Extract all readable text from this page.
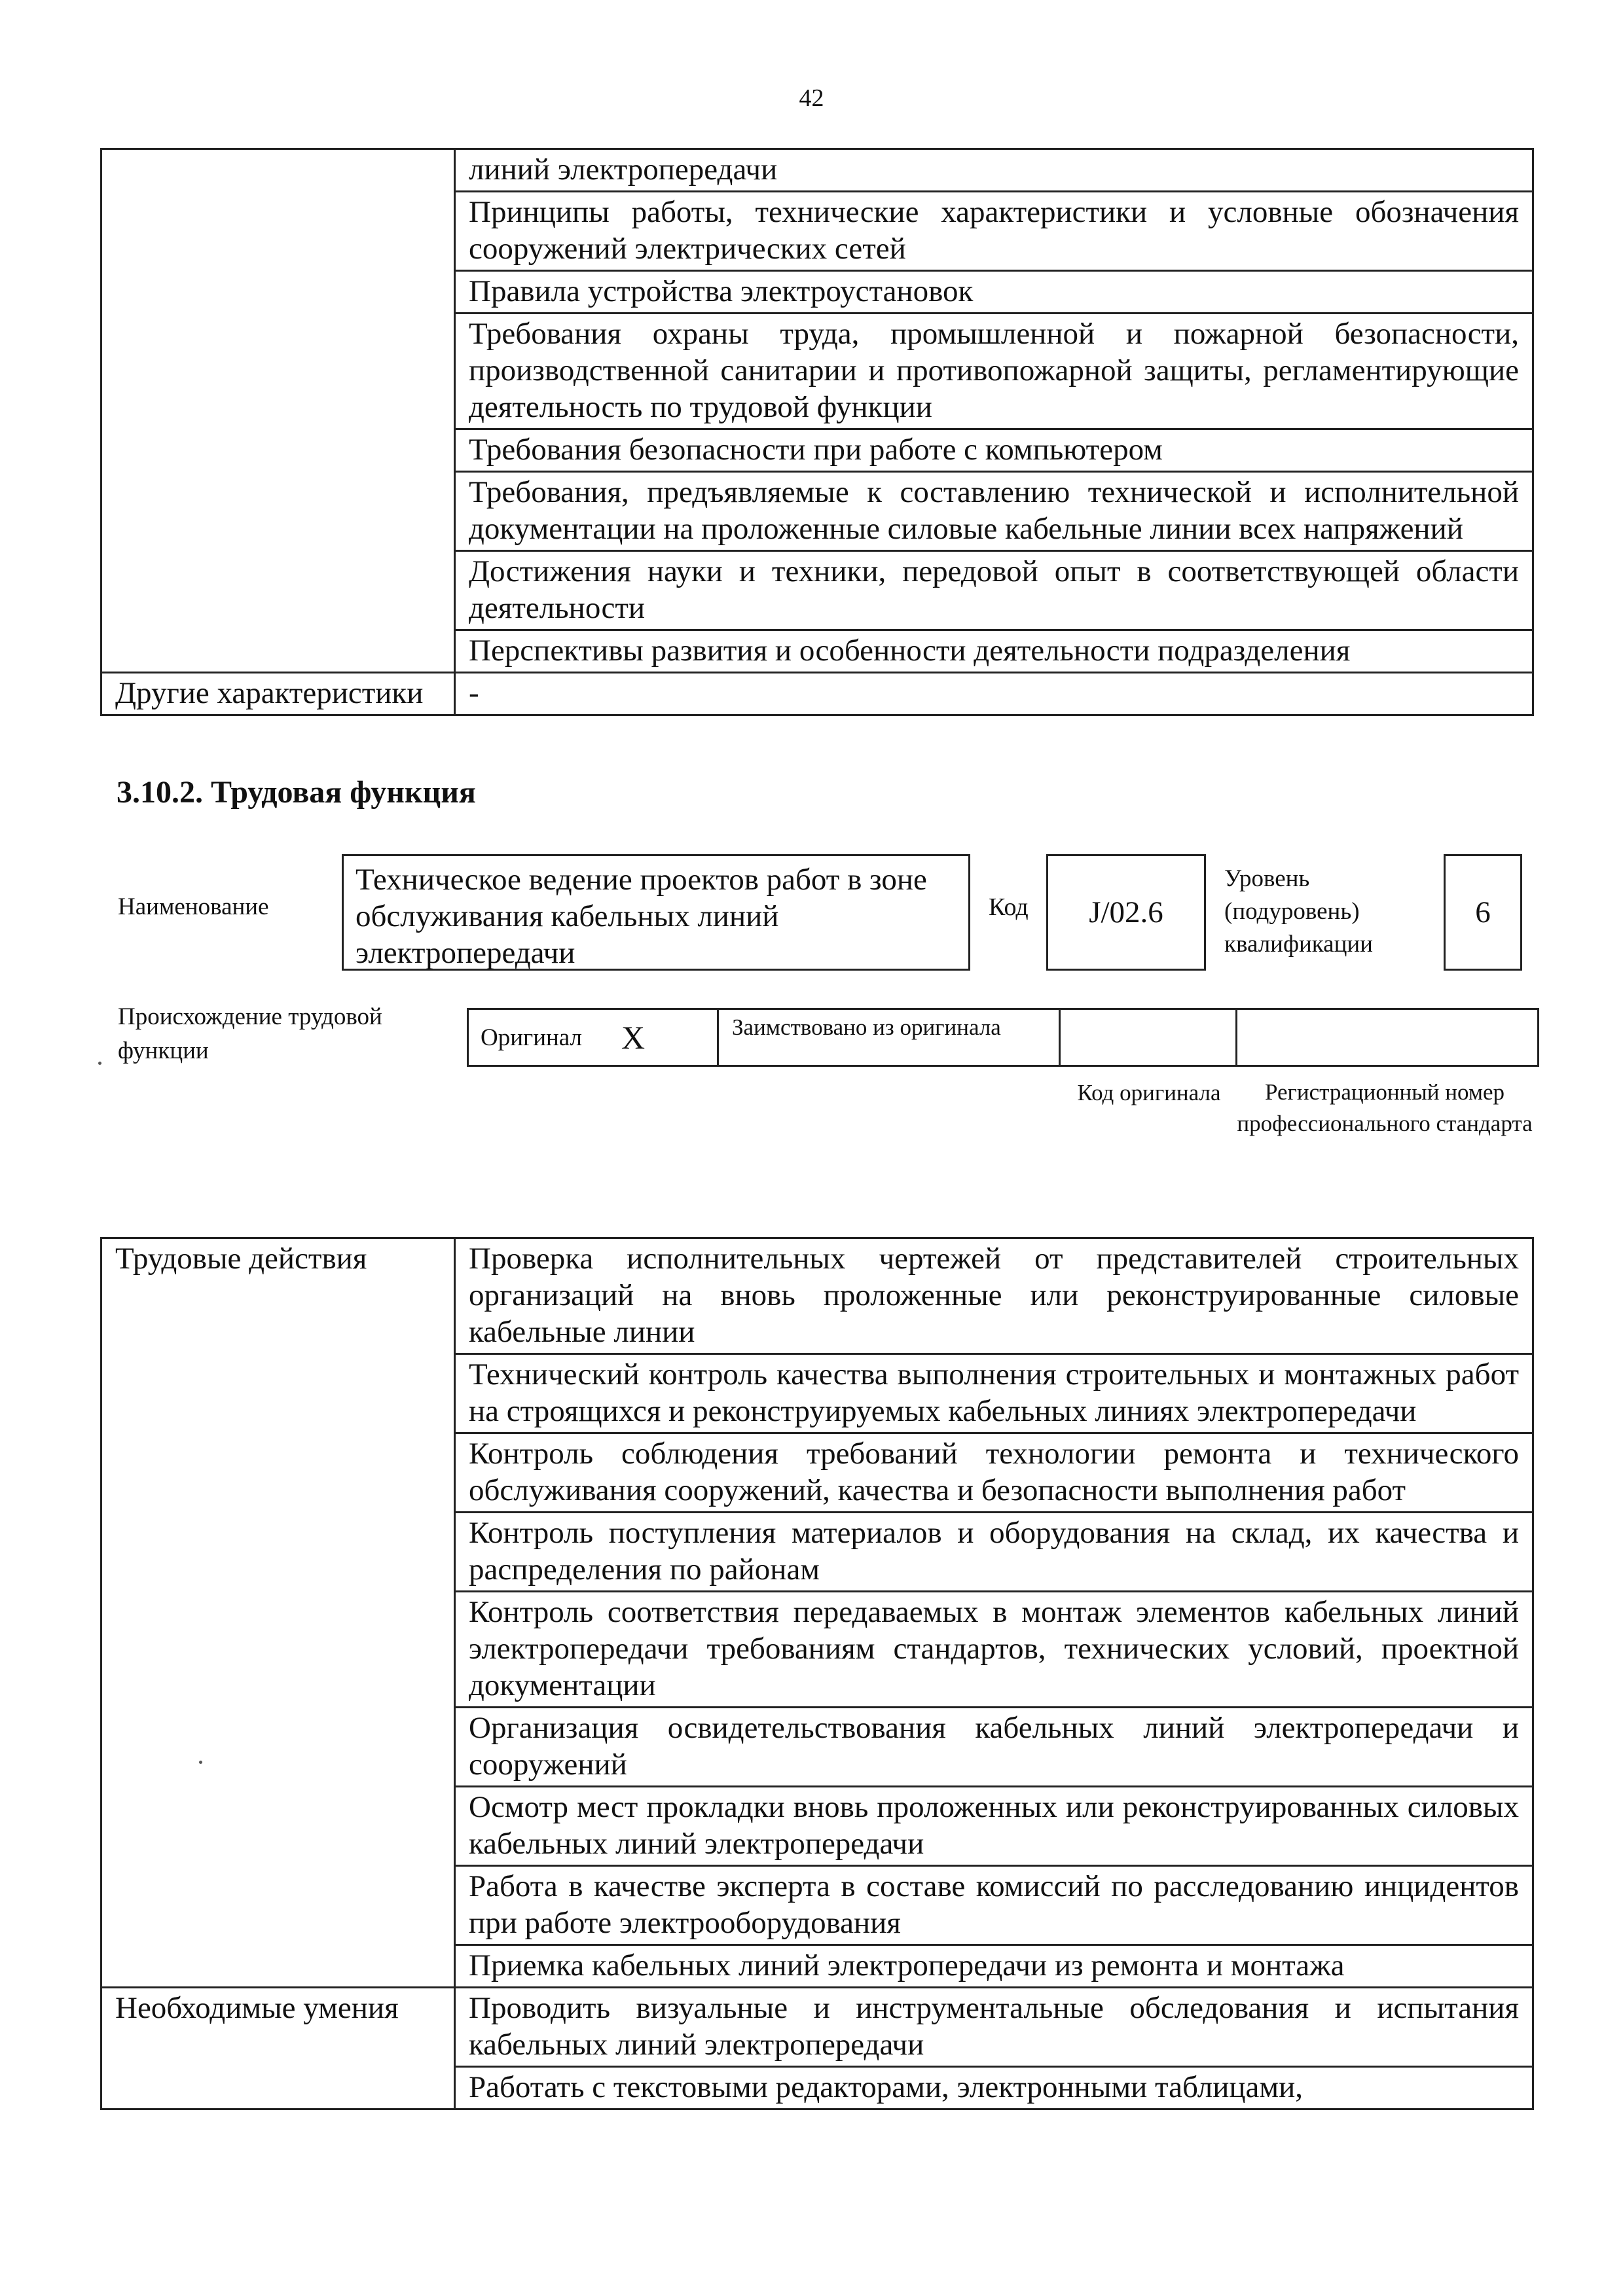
42

	линий электропередачи

	Принципы работы, технические характеристики и условные обозначения сооружений электрических сетей

	Правила устройства электроустановок

	Требования охраны труда, промышленной и пожарной безопасности, производственной санитарии и противопожарной защиты, регламентирующие деятельность по трудовой функции

	Требования безопасности при работе с компьютером

	Требования, предъявляемые к составлению технической и исполнительной документации на проложенные силовые кабельные линии всех напряжений

	Достижения науки и техники, передовой опыт в соответствующей области деятельности

	Перспективы развития и особенности деятельности подразделения

Другие характеристики	-
3.10.2. Трудовая функция
Наименование
Техническое ведение проектов работ в зоне обслуживания кабельных линий электропередачи
Код	J/02.6
Уровень (подуровень) квалификации
6
Происхождение трудовой функции	Оригинал X	Заимствовано из оригинала
Код оригинала	Регистрационный номер профессионального стандарта
Трудовые действия	Проверка исполнительных чертежей от представителей строительных организаций на вновь проложенные или реконструированные силовые кабельные линии

	Технический контроль качества выполнения строительных и монтажных работ на строящихся и реконструируемых кабельных линиях электропередачи

	Контроль соблюдения требований технологии ремонта и технического обслуживания сооружений, качества и безопасности выполнения работ

	Контроль поступления материалов и оборудования на склад, их качества и распределения по районам

	Контроль соответствия передаваемых в монтаж элементов кабельных линий электропередачи требованиям стандартов, технических условий, проектной документации

	Организация освидетельствования кабельных линий электропередачи и сооружений

	Осмотр мест прокладки вновь проложенных или реконструированных силовых кабельных линий электропередачи

	Работа в качестве эксперта в составе комиссий по расследованию инцидентов при работе электрооборудования

	Приемка кабельных линий электропередачи из ремонта и монтажа

Необходимые умения	Проводить визуальные и инструментальные обследования и испытания кабельных линий электропередачи

	Работать с текстовыми редакторами, электронными таблицами,
